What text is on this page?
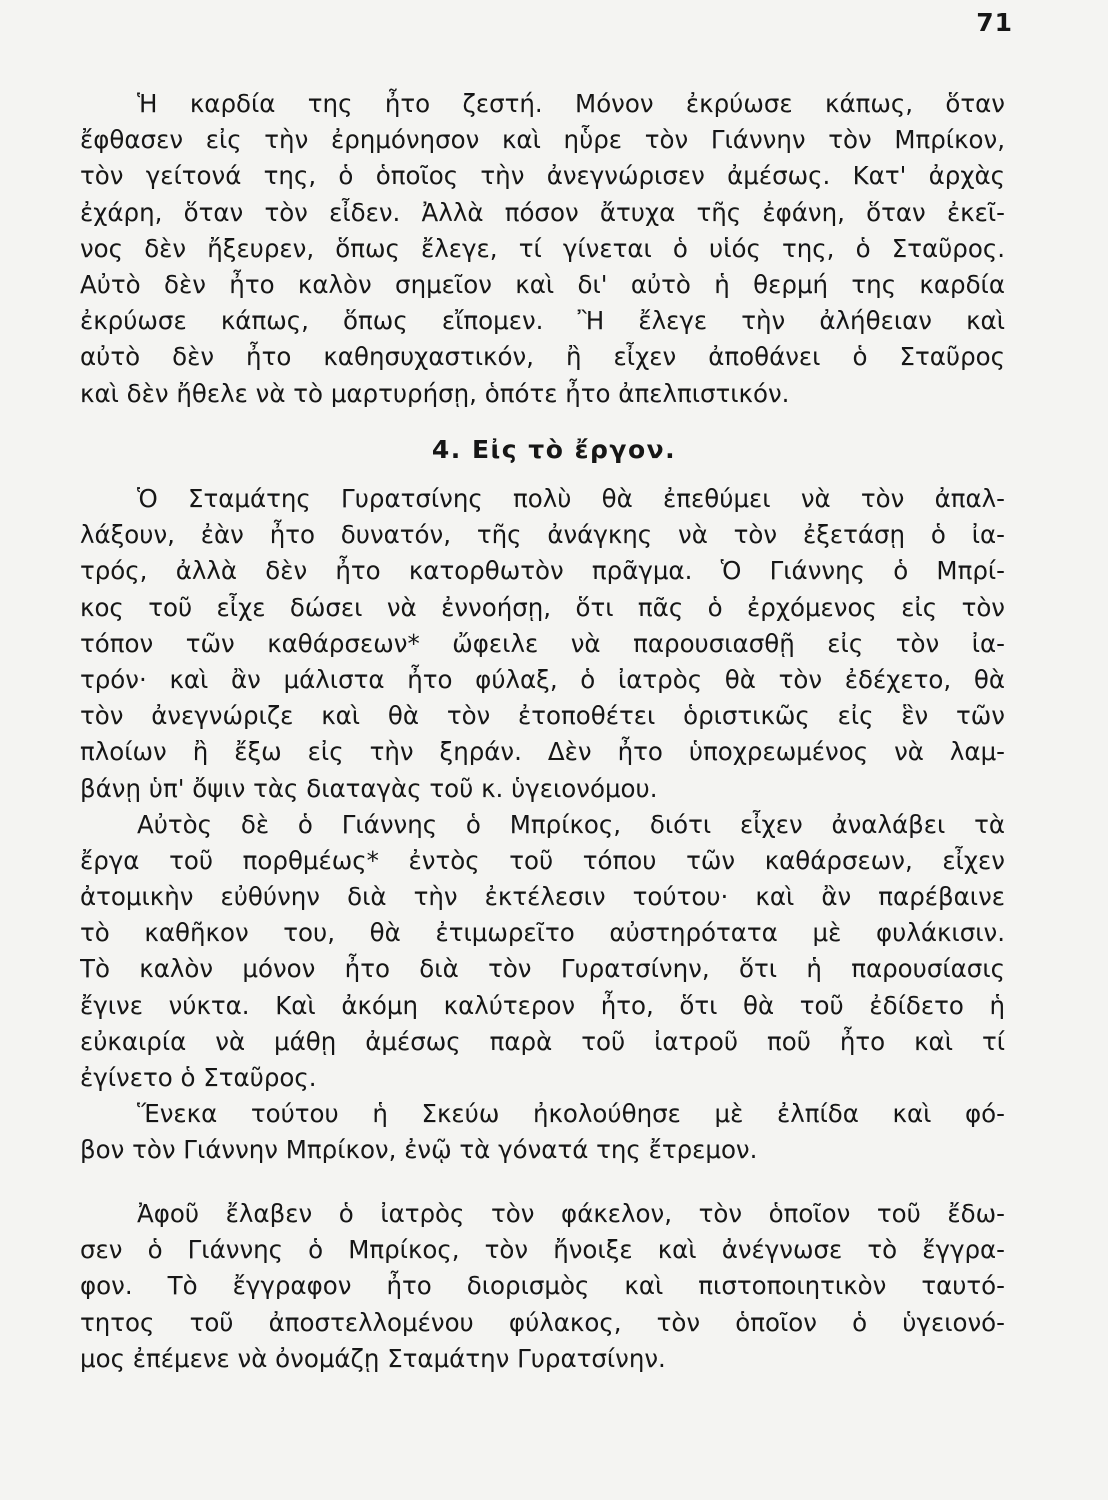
71
Ἡ καρδία της ἦτο ζεστή. Μόνον ἐκρύωσε κάπως, ὅταν
ἔφθασεν εἰς τὴν ἐρημόνησον καὶ ηὗρε τὸν Γιάννην τὸν Μπρίκον,
τὸν γείτονά της, ὁ ὁποῖος τὴν ἀνεγνώρισεν ἀμέσως. Κατ' ἀρχὰς
ἐχάρη, ὅταν τὸν εἶδεν. Ἀλλὰ πόσον ἄτυχα τῆς ἐφάνη, ὅταν ἐκεῖ-
νος δὲν ἤξευρεν, ὅπως ἔλεγε, τί γίνεται ὁ υἱός της, ὁ Σταῦρος.
Αὐτὸ δὲν ἦτο καλὸν σημεῖον καὶ δι' αὐτὸ ἡ θερμή της καρδία
ἐκρύωσε κάπως, ὅπως εἴπομεν. Ἢ ἔλεγε τὴν ἀλήθειαν καὶ
αὐτὸ δὲν ἦτο καθησυχαστικόν, ἢ εἶχεν ἀποθάνει ὁ Σταῦρος
καὶ δὲν ἤθελε νὰ τὸ μαρτυρήσῃ, ὁπότε ἦτο ἀπελπιστικόν.
4. Εἰς τὸ ἔργον.
Ὁ Σταμάτης Γυρατσίνης πολὺ θὰ ἐπεθύμει νὰ τὸν ἀπαλ-
λάξουν, ἐὰν ἦτο δυνατόν, τῆς ἀνάγκης νὰ τὸν ἐξετάσῃ ὁ ἰα-
τρός, ἀλλὰ δὲν ἦτο κατορθωτὸν πρᾶγμα. Ὁ Γιάννης ὁ Μπρί-
κος τοῦ εἶχε δώσει νὰ ἐννοήσῃ, ὅτι πᾶς ὁ ἐρχόμενος εἰς τὸν
τόπον τῶν καθάρσεων* ὤφειλε νὰ παρουσιασθῇ εἰς τὸν ἰα-
τρόν· καὶ ἂν μάλιστα ἦτο φύλαξ, ὁ ἰατρὸς θὰ τὸν ἐδέχετο, θὰ
τὸν ἀνεγνώριζε καὶ θὰ τὸν ἐτοποθέτει ὁριστικῶς εἰς ἓν τῶν
πλοίων ἢ ἔξω εἰς τὴν ξηράν. Δὲν ἦτο ὑποχρεωμένος νὰ λαμ-
βάνῃ ὑπ' ὄψιν τὰς διαταγὰς τοῦ κ. ὑγειονόμου.
Αὐτὸς δὲ ὁ Γιάννης ὁ Μπρίκος, διότι εἶχεν ἀναλάβει τὰ
ἔργα τοῦ πορθμέως* ἐντὸς τοῦ τόπου τῶν καθάρσεων, εἶχεν
ἀτομικὴν εὐθύνην διὰ τὴν ἐκτέλεσιν τούτου· καὶ ἂν παρέβαινε
τὸ καθῆκον του, θὰ ἐτιμωρεῖτο αὐστηρότατα μὲ φυλάκισιν.
Τὸ καλὸν μόνον ἦτο διὰ τὸν Γυρατσίνην, ὅτι ἡ παρουσίασις
ἔγινε νύκτα. Καὶ ἀκόμη καλύτερον ἦτο, ὅτι θὰ τοῦ ἐδίδετο ἡ
εὐκαιρία νὰ μάθῃ ἀμέσως παρὰ τοῦ ἰατροῦ ποῦ ἦτο καὶ τί
ἐγίνετο ὁ Σταῦρος.
Ἕνεκα τούτου ἡ Σκεύω ἠκολούθησε μὲ ἐλπίδα καὶ φό-
βον τὸν Γιάννην Μπρίκον, ἐνῷ τὰ γόνατά της ἔτρεμον.
Ἀφοῦ ἔλαβεν ὁ ἰατρὸς τὸν φάκελον, τὸν ὁποῖον τοῦ ἔδω-
σεν ὁ Γιάννης ὁ Μπρίκος, τὸν ἤνοιξε καὶ ἀνέγνωσε τὸ ἔγγρα-
φον. Τὸ ἔγγραφον ἦτο διορισμὸς καὶ πιστοποιητικὸν ταυτό-
τητος τοῦ ἀποστελλομένου φύλακος, τὸν ὁποῖον ὁ ὑγειονό-
μος ἐπέμενε νὰ ὀνομάζῃ Σταμάτην Γυρατσίνην.
